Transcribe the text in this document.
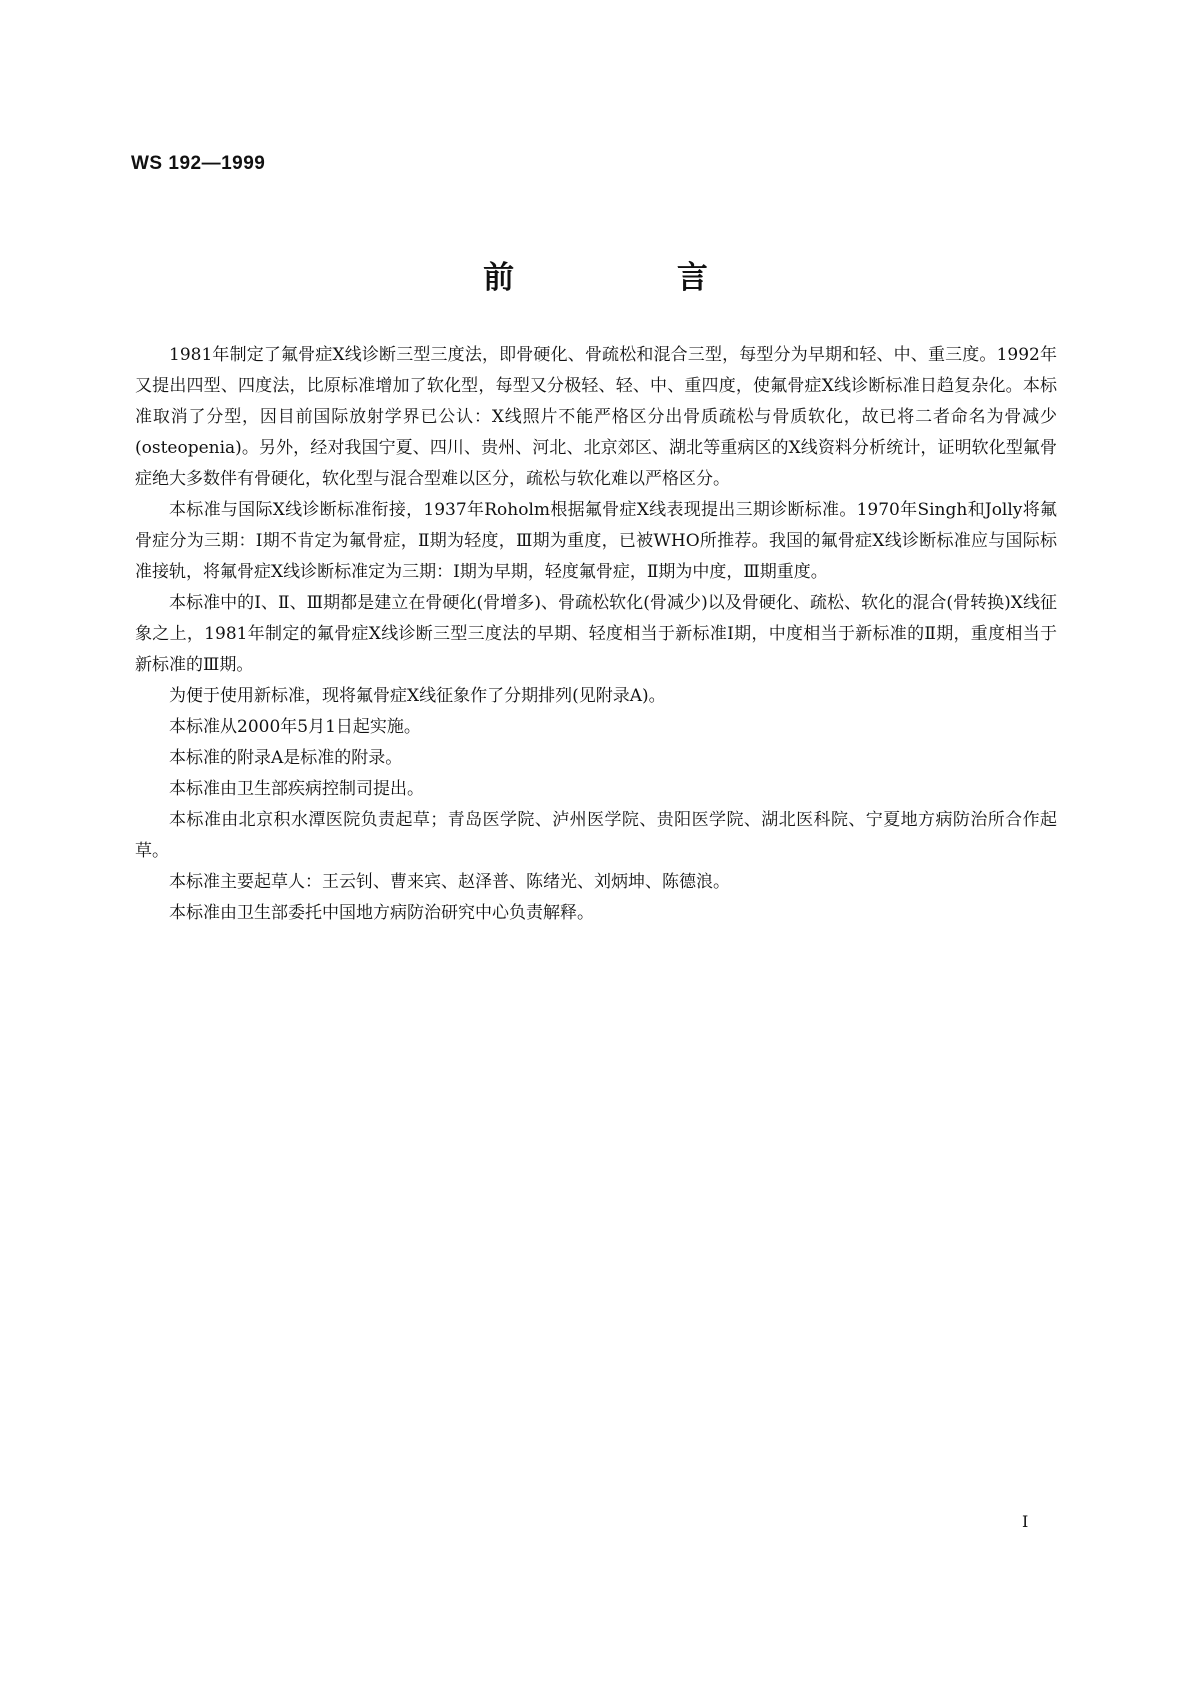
WS 192—1999
前 言

1981年制定了氟骨症X线诊断三型三度法，即骨硬化、骨疏松和混合三型，每型分为早期和轻、中、重三度。1992年又提出四型、四度法，比原标准增加了软化型，每型又分极轻、轻、中、重四度，使氟骨症X线诊断标准日趋复杂化。本标准取消了分型，因目前国际放射学界已公认：X线照片不能严格区分出骨质疏松与骨质软化，故已将二者命名为骨减少(osteopenia)。另外，经对我国宁夏、四川、贵州、河北、北京郊区、湖北等重病区的X线资料分析统计，证明软化型氟骨症绝大多数伴有骨硬化，软化型与混合型难以区分，疏松与软化难以严格区分。

本标准与国际X线诊断标准衔接，1937年Roholm根据氟骨症X线表现提出三期诊断标准。1970年Singh和Jolly将氟骨症分为三期：Ⅰ期不肯定为氟骨症，Ⅱ期为轻度，Ⅲ期为重度，已被WHO所推荐。我国的氟骨症X线诊断标准应与国际标准接轨，将氟骨症X线诊断标准定为三期：Ⅰ期为早期，轻度氟骨症，Ⅱ期为中度，Ⅲ期重度。

本标准中的Ⅰ、Ⅱ、Ⅲ期都是建立在骨硬化(骨增多)、骨疏松软化(骨减少)以及骨硬化、疏松、软化的混合(骨转换)X线征象之上，1981年制定的氟骨症X线诊断三型三度法的早期、轻度相当于新标准Ⅰ期，中度相当于新标准的Ⅱ期，重度相当于新标准的Ⅲ期。

为便于使用新标准，现将氟骨症X线征象作了分期排列(见附录A)。

本标准从2000年5月1日起实施。

本标准的附录A是标准的附录。

本标准由卫生部疾病控制司提出。

本标准由北京积水潭医院负责起草；青岛医学院、泸州医学院、贵阳医学院、湖北医科院、宁夏地方病防治所合作起草。

本标准主要起草人：王云钊、曹来宾、赵泽普、陈绪光、刘炳坤、陈德浪。

本标准由卫生部委托中国地方病防治研究中心负责解释。

Ⅰ
